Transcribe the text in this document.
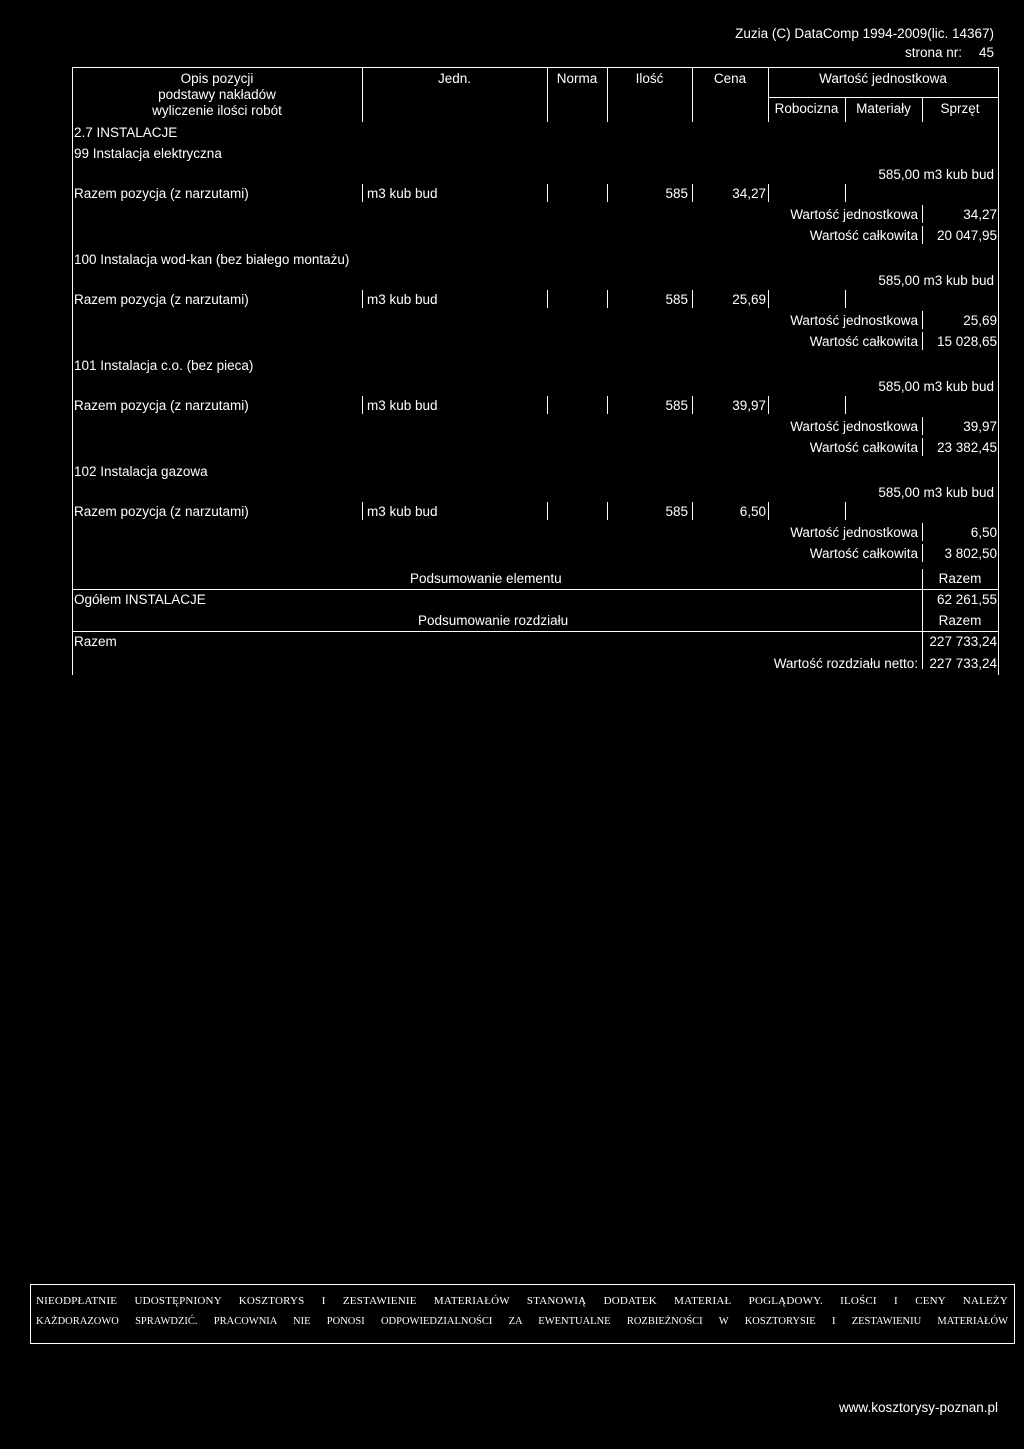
Zuzia (C) DataComp 1994-2009(lic. 14367)
strona nr: 45
Opis pozycji
podstawy nakładów
wyliczenie ilości robót
Jedn.	Norma	Ilość	Cena	Wartość jednostkowa
Robocizna	Materiały	Sprzęt
2.7 INSTALACJE
99 Instalacja elektryczna
585,00 m3 kub bud
Razem pozycja (z narzutami)	m3 kub bud	585	34,27
Wartość jednostkowa	34,27
Wartość całkowita 20 047,95
100 Instalacja wod-kan (bez białego montażu)
585,00 m3 kub bud
Razem pozycja (z narzutami)	m3 kub bud	585	25,69
Wartość jednostkowa	25,69
Wartość całkowita 15 028,65
101 Instalacja c.o. (bez pieca)
585,00 m3 kub bud
Razem pozycja (z narzutami)	m3 kub bud	585	39,97
Wartość jednostkowa	39,97
Wartość całkowita 23 382,45
102 Instalacja gazowa
585,00 m3 kub bud
Razem pozycja (z narzutami)	m3 kub bud	585	6,50
Wartość jednostkowa	6,50
Wartość całkowita 3 802,50
Podsumowanie elementu	Razem
Ogółem INSTALACJE	62 261,55
Podsumowanie rozdziału	Razem
Razem	227 733,24
Wartość rozdziału netto: 227 733,24
NIEODPŁATNIE UDOSTĘPNIONY KOSZTORYS I ZESTAWIENIE MATERIAŁÓW STANOWIĄ DODATEK MATERIAŁ POGLĄDOWY. ILOŚCI I CENY NALEŻY
KAŻDORAZOWO SPRAWDZIĆ. PRACOWNIA NIE PONOSI ODPOWIEDZIALNOŚCI ZA EWENTUALNE ROZBIEŻNOŚCI W KOSZTORYSIE I ZESTAWIENIU MATERIAŁÓW
www.kosztorysy-poznan.pl
